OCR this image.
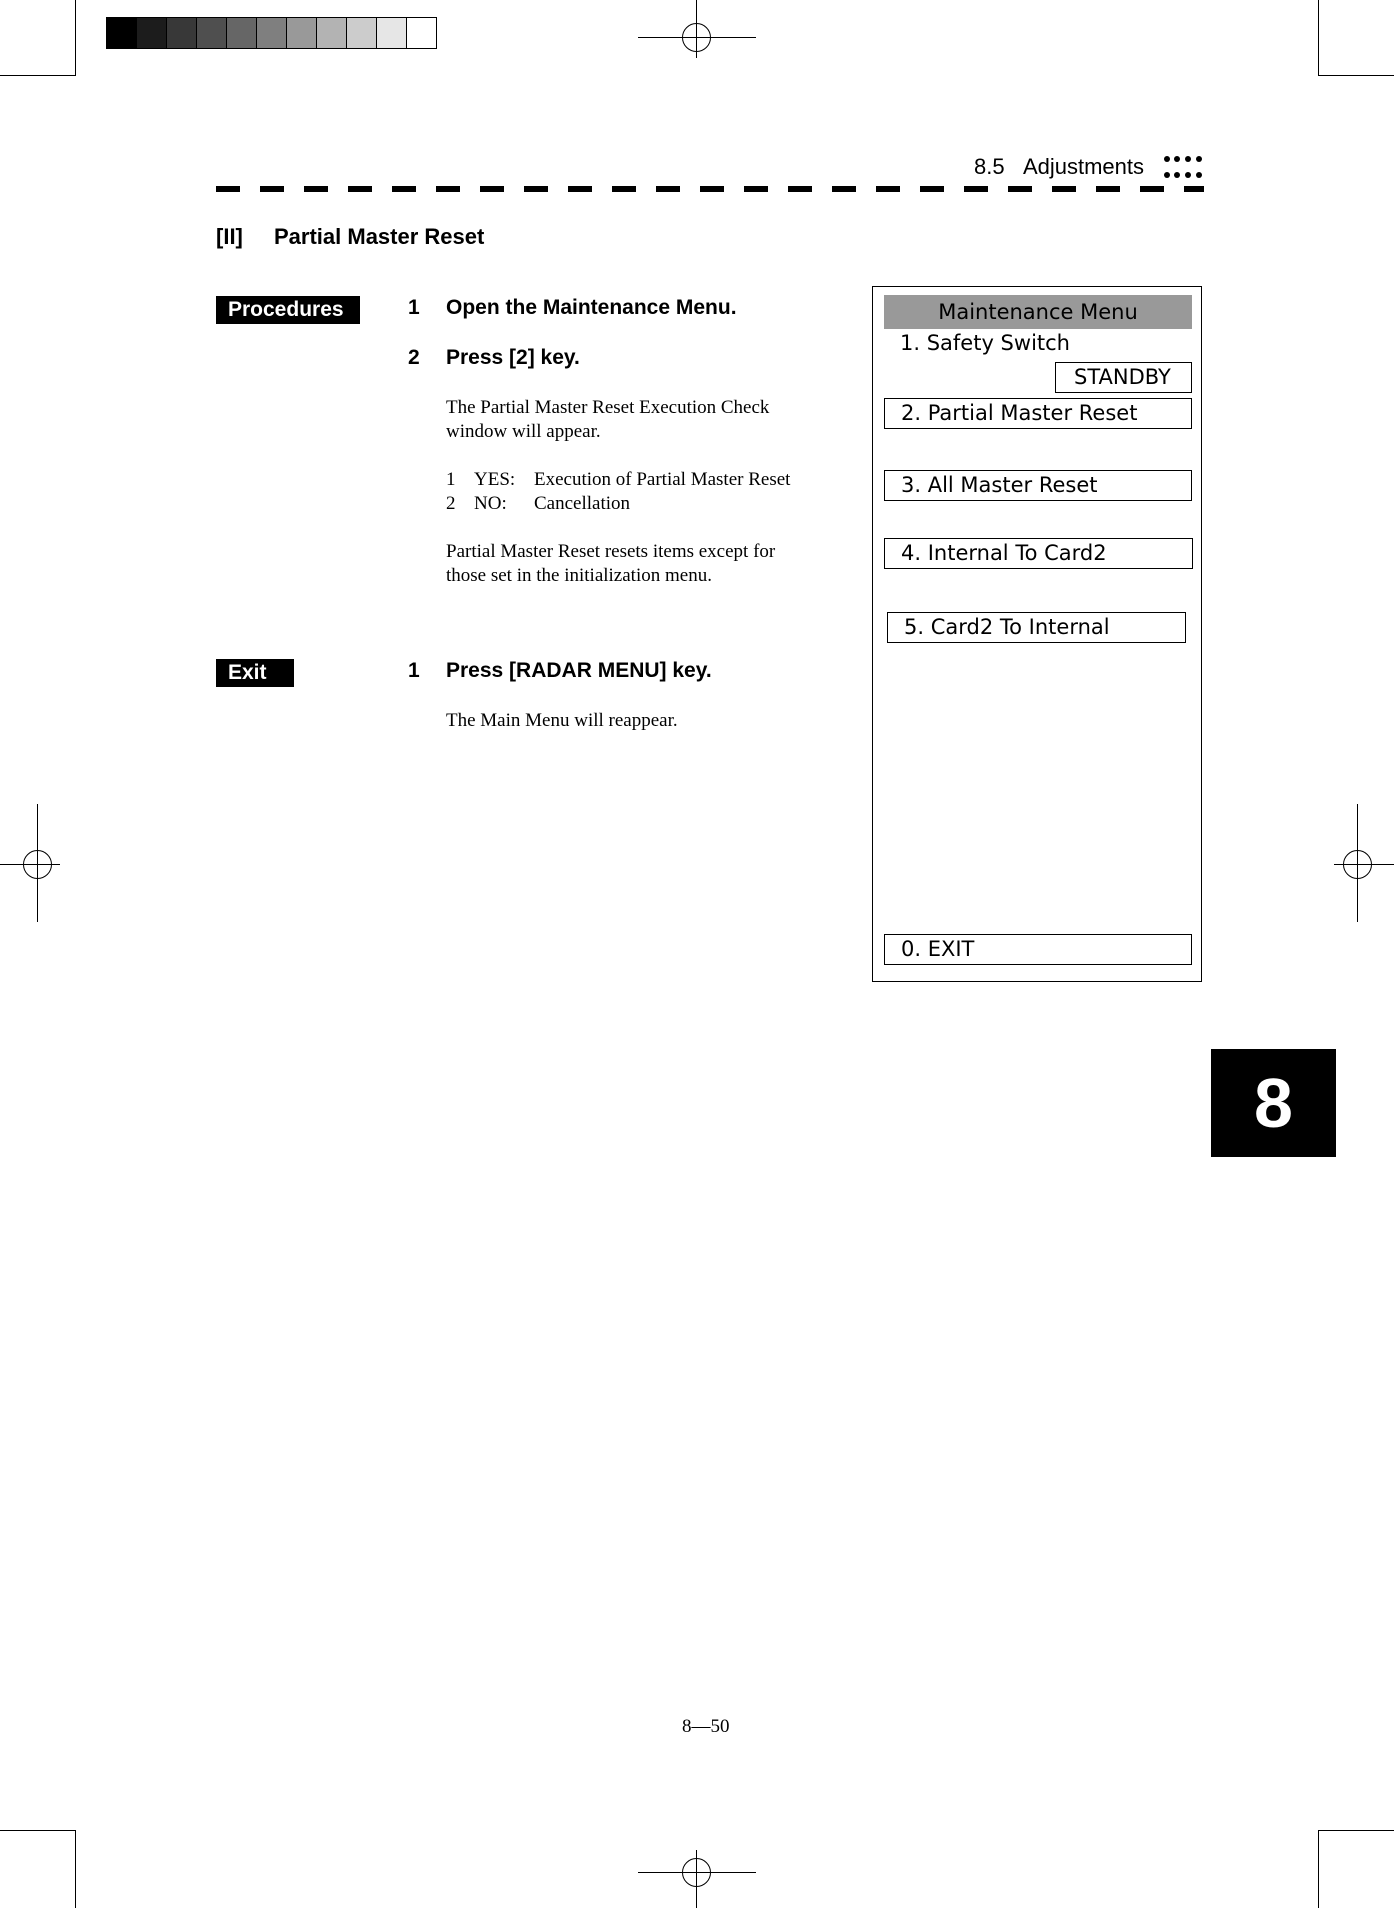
8.5 Adjustments
[II] Partial Master Reset
Procedures	1 Open the Maintenance Menu.
2 Press [2] key.
The Partial Master Reset Execution Check
window will appear.
1 YES: Execution of Partial Master Reset
2 NO: Cancellation
Partial Master Reset resets items except for
those set in the initialization menu.
Exit	1 Press [RADAR MENU] key.
The Main Menu will reappear.
Maintenance Menu
1. Safety Switch
STANDBY
2. Partial Master Reset
3. All Master Reset
4. Internal To Card2
5. Card2 To Internal
0. EXIT
8
8—50
